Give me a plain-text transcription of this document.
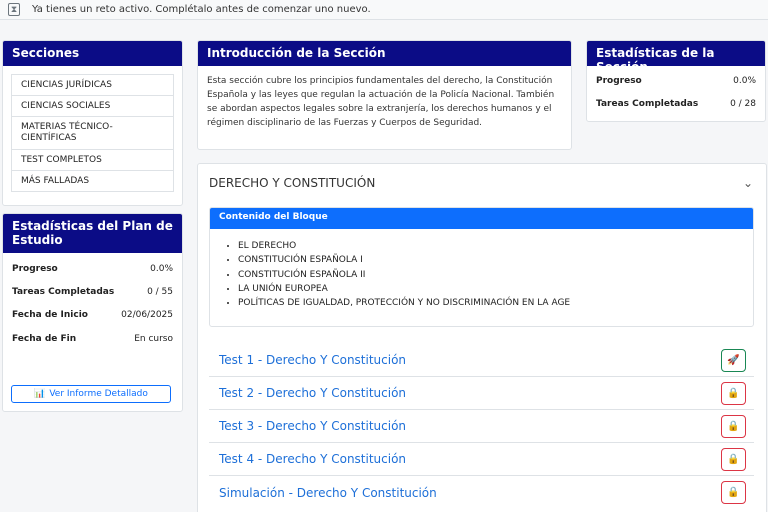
⧗ Ya tienes un reto activo. Complétalo antes de comenzar uno nuevo.
Secciones
CIENCIAS JURÍDICAS
CIENCIAS SOCIALES
MATERIAS TÉCNICO-CIENTÍFICAS
TEST COMPLETOS
MÁS FALLADAS
Estadísticas del Plan de Estudio
Progreso	0.0%
Tareas Completadas	0 / 55
Fecha de Inicio	02/06/2025
Fecha de Fin	En curso
📊 Ver Informe Detallado
Introducción de la Sección
Esta sección cubre los principios fundamentales del derecho, la Constitución Española y las leyes que regulan la actuación de la Policía Nacional. También se abordan aspectos legales sobre la extranjería, los derechos humanos y el régimen disciplinario de las Fuerzas y Cuerpos de Seguridad.
Estadísticas de la Sección
Progreso	0.0%
Tareas Completadas	0 / 28
DERECHO Y CONSTITUCIÓN	⌄
Contenido del Bloque
• EL DERECHO
• CONSTITUCIÓN ESPAÑOLA I
• CONSTITUCIÓN ESPAÑOLA II
• LA UNIÓN EUROPEA
• POLÍTICAS DE IGUALDAD, PROTECCIÓN Y NO DISCRIMINACIÓN EN LA AGE
Test 1 - Derecho Y Constitución	🚀
Test 2 - Derecho Y Constitución	🔒
Test 3 - Derecho Y Constitución	🔒
Test 4 - Derecho Y Constitución	🔒
Simulación - Derecho Y Constitución	🔒
